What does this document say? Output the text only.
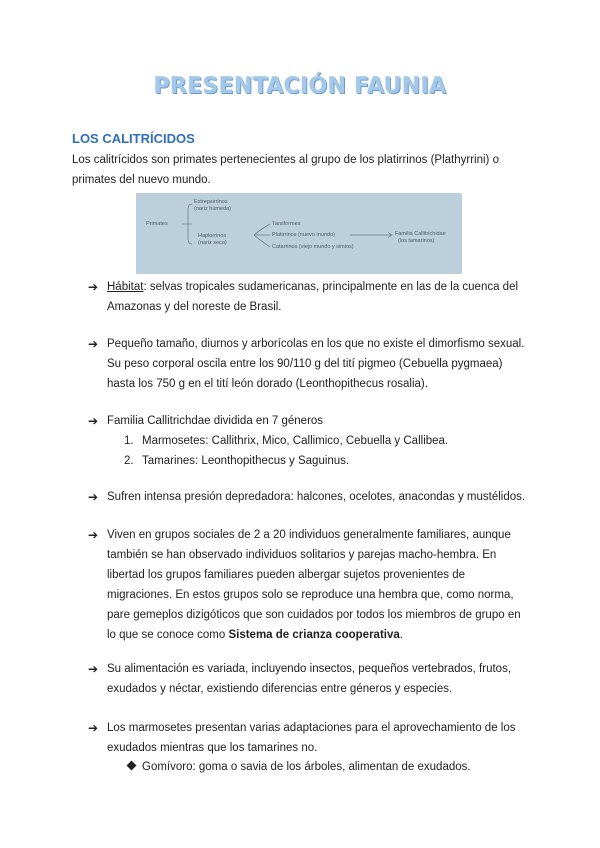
PRESENTACIÓN FAUNIA
LOS CALITRÍCIDOS
Los calitrícidos son primates pertenecientes al grupo de los platirrinos (Plathyrrini) o primates del nuevo mundo.
Primates
Estrepsirrinos
(nariz húmeda)
Haplorrinos
(nariz seca)
Tarsiformes
Platirrinos (nuevo mundo)
Catarrinos (viejo mundo y simios)
Familia Callitrichidae
(los tamarinos)
➔ Hábitat: selvas tropicales sudamericanas, principalmente en las de la cuenca del Amazonas y del noreste de Brasil.
➔ Pequeño tamaño, diurnos y arborícolas en los que no existe el dimorfismo sexual. Su peso corporal oscila entre los 90/110 g del tití pigmeo (Cebuella pygmaea) hasta los 750 g en el tití león dorado (Leonthopithecus rosalia).
➔ Familia Callitrichdae dividida en 7 géneros
1. Marmosetes: Callithrix, Mico, Callimico, Cebuella y Callibea.
2. Tamarines: Leonthopithecus y Saguinus.
➔ Sufren intensa presión depredadora: halcones, ocelotes, anacondas y mustélidos.
➔ Viven en grupos sociales de 2 a 20 individuos generalmente familiares, aunque también se han observado individuos solitarios y parejas macho-hembra. En libertad los grupos familiares pueden albergar sujetos provenientes de migraciones. En estos grupos solo se reproduce una hembra que, como norma, pare gemeplos dizigóticos que son cuidados por todos los miembros de grupo en lo que se conoce como Sistema de crianza cooperativa.
➔ Su alimentación es variada, incluyendo insectos, pequeños vertebrados, frutos, exudados y néctar, existiendo diferencias entre géneros y especies.
➔ Los marmosetes presentan varias adaptaciones para el aprovechamiento de los exudados mientras que los tamarines no.
Gomívoro: goma o savia de los árboles, alimentan de exudados.
